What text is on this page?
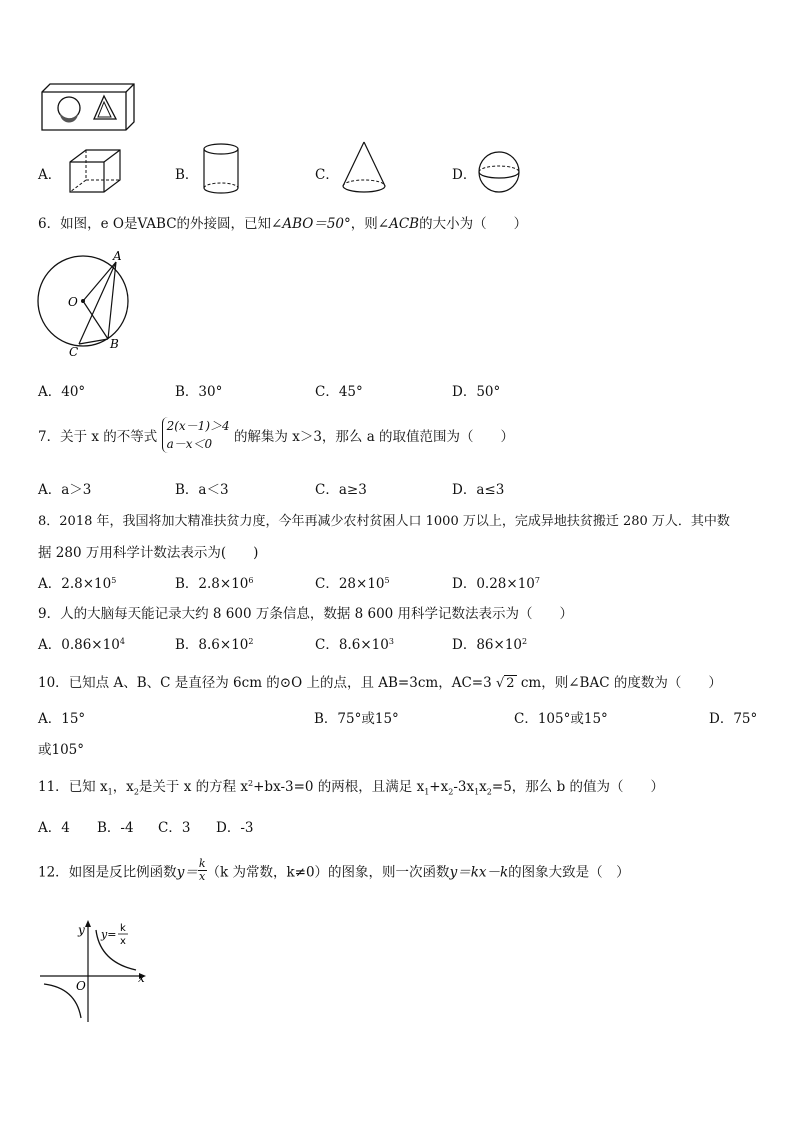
A．	B．	C．	D．
6．如图，e O是VABC的外接圆，已知∠ABO＝50°，则∠ACB的大小为（　　）
A
O
B
C
A．40°	B．30°	C．45°	D．50°
7．关于 x 的不等式
2(x－1)＞4
a－x＜0	的解集为 x＞3，那么 a 的取值范围为（　　）
A．a＞3	B．a＜3	C．a≥3	D．a≤3
8．2018 年，我国将加大精准扶贫力度，今年再减少农村贫困人口 1000 万以上，完成异地扶贫搬迁 280 万人．其中数
据 280 万用科学计数法表示为(　　)
A．$2.8\times 10^5$	B．$2.8\times 10^6$	C．$28\times 10^5$	D．$0.28\times 10^7$
9．人的大脑每天能记录大约 8 600 万条信息，数据 8 600 用科学记数法表示为（　　）
A．$0.86\times 10^4$	B．$8.6\times 10^2$	C．$8.6\times 10^3$	D．$86\times 10^2$
10．已知点 A、B、C 是直径为 6cm 的⊙O 上的点，且 AB=3cm，AC=3 √ 2 cm，则∠BAC 的度数为（　　）
A．15°	B．75°或15°	C．105°或15°	D．75°
或105°
11．已知 $x_1$，$x_2$是关于 x 的方程 $x^2+bx-3=0$ 的两根，且满足 $x_1+x_2-3x_1x_2=5$，那么 b 的值为（　　）
A．4 B．-4 C．3 D．-3
12．如图是反比例函数$y= \frac{k}{x} (k$ 为常数，k≠0）的图象，则一次函数y＝kx－k的图象大致是（　）
y
x
O
y= k
x
